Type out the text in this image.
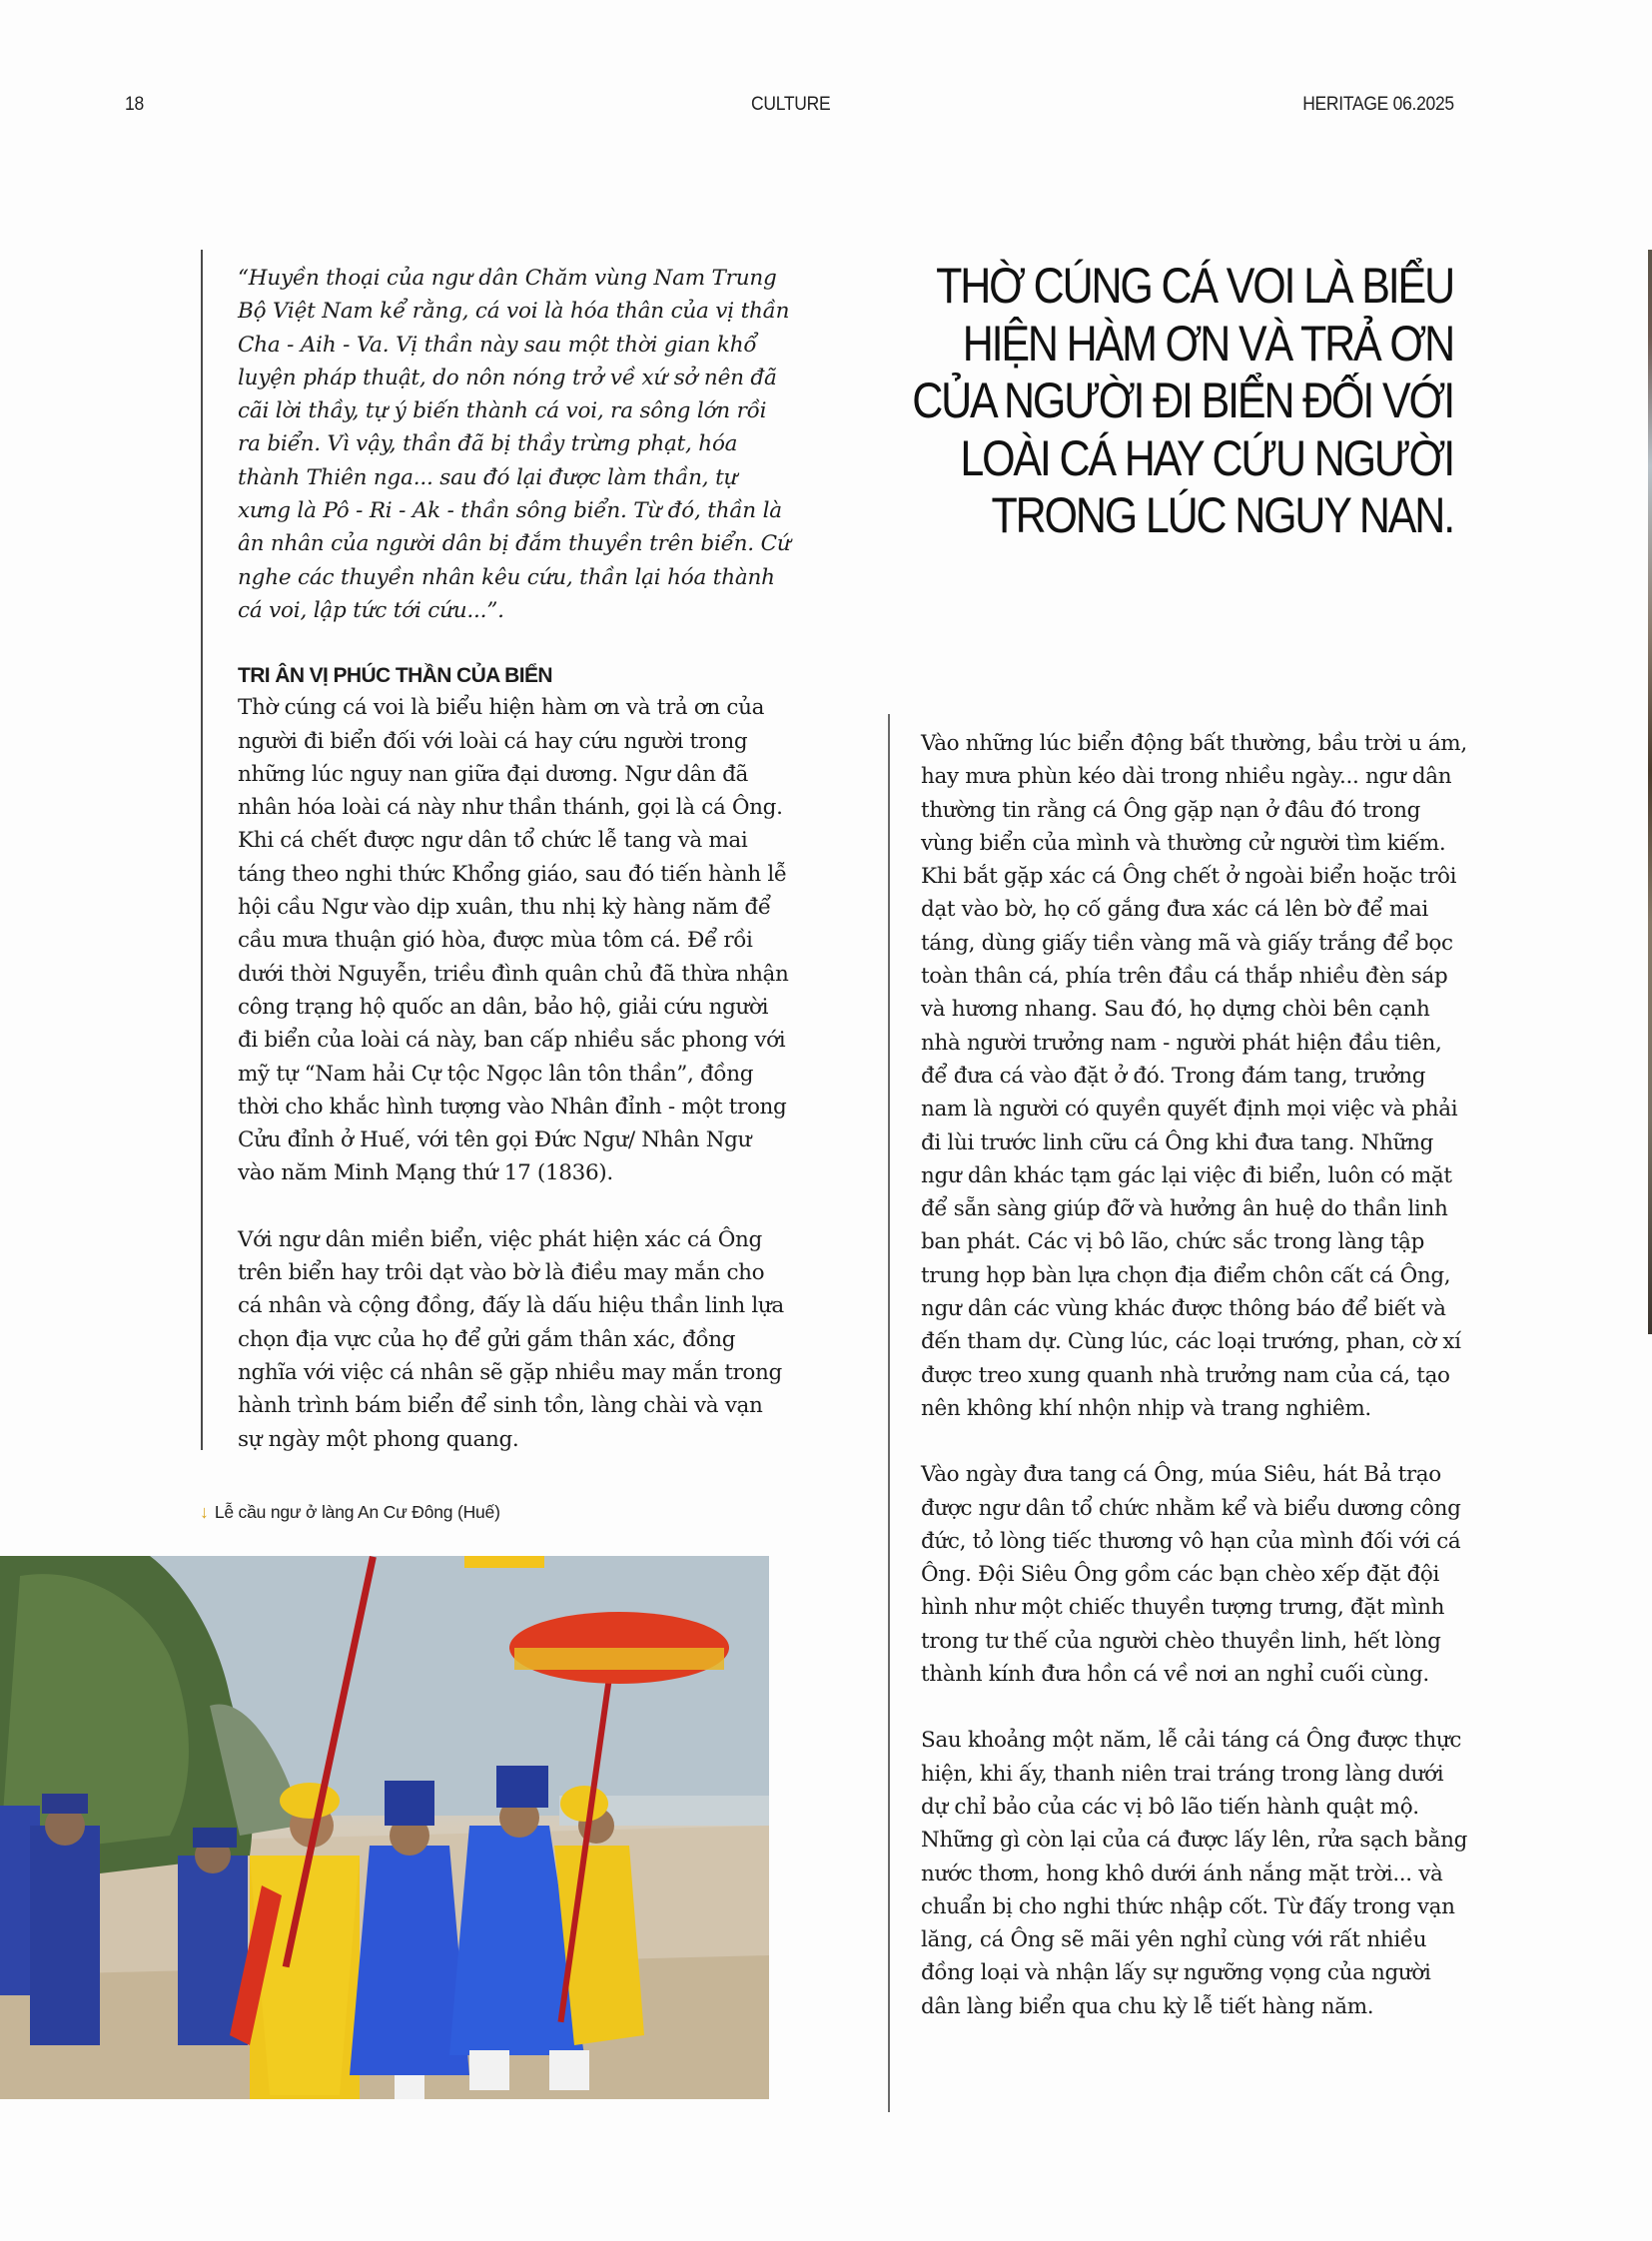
18	CULTURE	HERITAGE 06.2025

“Huyền thoại của ngư dân Chăm vùng Nam Trung Bộ Việt Nam kể rằng, cá voi là hóa thân của vị thần Cha - Aih - Va. Vị thần này sau một thời gian khổ luyện pháp thuật, do nôn nóng trở về xứ sở nên đã cãi lời thầy, tự ý biến thành cá voi, ra sông lớn rồi ra biển. Vì vậy, thần đã bị thầy trừng phạt, hóa thành Thiên nga... sau đó lại được làm thần, tự xưng là Pô - Ri - Ak - thần sông biển. Từ đó, thần là ân nhân của người dân bị đắm thuyền trên biển. Cứ nghe các thuyền nhân kêu cứu, thần lại hóa thành cá voi, lập tức tới cứu...”.

TRI ÂN VỊ PHÚC THẦN CỦA BIỂN

Thờ cúng cá voi là biểu hiện hàm ơn và trả ơn của người đi biển đối với loài cá hay cứu người trong những lúc nguy nan giữa đại dương. Ngư dân đã nhân hóa loài cá này như thần thánh, gọi là cá Ông. Khi cá chết được ngư dân tổ chức lễ tang và mai táng theo nghi thức Khổng giáo, sau đó tiến hành lễ hội cầu Ngư vào dịp xuân, thu nhị kỳ hàng năm để cầu mưa thuận gió hòa, được mùa tôm cá. Để rồi dưới thời Nguyễn, triều đình quân chủ đã thừa nhận công trạng hộ quốc an dân, bảo hộ, giải cứu người đi biển của loài cá này, ban cấp nhiều sắc phong với mỹ tự “Nam hải Cự tộc Ngọc lân tôn thần”, đồng thời cho khắc hình tượng vào Nhân đỉnh - một trong Cửu đỉnh ở Huế, với tên gọi Đức Ngư/ Nhân Ngư vào năm Minh Mạng thứ 17 (1836).

Với ngư dân miền biển, việc phát hiện xác cá Ông trên biển hay trôi dạt vào bờ là điều may mắn cho cá nhân và cộng đồng, đấy là dấu hiệu thần linh lựa chọn địa vực của họ để gửi gắm thân xác, đồng nghĩa với việc cá nhân sẽ gặp nhiều may mắn trong hành trình bám biển để sinh tồn, làng chài và vạn sự ngày một phong quang.

THỜ CÚNG CÁ VOI LÀ BIỂU HIỆN HÀM ƠN VÀ TRẢ ƠN CỦA NGƯỜI ĐI BIỂN ĐỐI VỚI LOÀI CÁ HAY CỨU NGƯỜI TRONG LÚC NGUY NAN.

Vào những lúc biển động bất thường, bầu trời u ám, hay mưa phùn kéo dài trong nhiều ngày... ngư dân thường tin rằng cá Ông gặp nạn ở đâu đó trong vùng biển của mình và thường cử người tìm kiếm. Khi bắt gặp xác cá Ông chết ở ngoài biển hoặc trôi dạt vào bờ, họ cố gắng đưa xác cá lên bờ để mai táng, dùng giấy tiền vàng mã và giấy trắng để bọc toàn thân cá, phía trên đầu cá thắp nhiều đèn sáp và hương nhang. Sau đó, họ dựng chòi bên cạnh nhà người trưởng nam - người phát hiện đầu tiên, để đưa cá vào đặt ở đó. Trong đám tang, trưởng nam là người có quyền quyết định mọi việc và phải đi lùi trước linh cữu cá Ông khi đưa tang. Những ngư dân khác tạm gác lại việc đi biển, luôn có mặt để sẵn sàng giúp đỡ và hưởng ân huệ do thần linh ban phát. Các vị bô lão, chức sắc trong làng tập trung họp bàn lựa chọn địa điểm chôn cất cá Ông, ngư dân các vùng khác được thông báo để biết và đến tham dự. Cùng lúc, các loại trướng, phan, cờ xí được treo xung quanh nhà trưởng nam của cá, tạo nên không khí nhộn nhịp và trang nghiêm.

Vào ngày đưa tang cá Ông, múa Siêu, hát Bả trạo được ngư dân tổ chức nhằm kể và biểu dương công đức, tỏ lòng tiếc thương vô hạn của mình đối với cá Ông. Đội Siêu Ông gồm các bạn chèo xếp đặt đội hình như một chiếc thuyền tượng trưng, đặt mình trong tư thế của người chèo thuyền linh, hết lòng thành kính đưa hồn cá về nơi an nghỉ cuối cùng.

Sau khoảng một năm, lễ cải táng cá Ông được thực hiện, khi ấy, thanh niên trai tráng trong làng dưới dự chỉ bảo của các vị bô lão tiến hành quật mộ. Những gì còn lại của cá được lấy lên, rửa sạch bằng nước thơm, hong khô dưới ánh nắng mặt trời... và chuẩn bị cho nghi thức nhập cốt. Từ đấy trong vạn lăng, cá Ông sẽ mãi yên nghỉ cùng với rất nhiều đồng loại và nhận lấy sự ngưỡng vọng của người dân làng biển qua chu kỳ lễ tiết hàng năm.

↓ Lễ cầu ngư ở làng An Cư Đông (Huế)
